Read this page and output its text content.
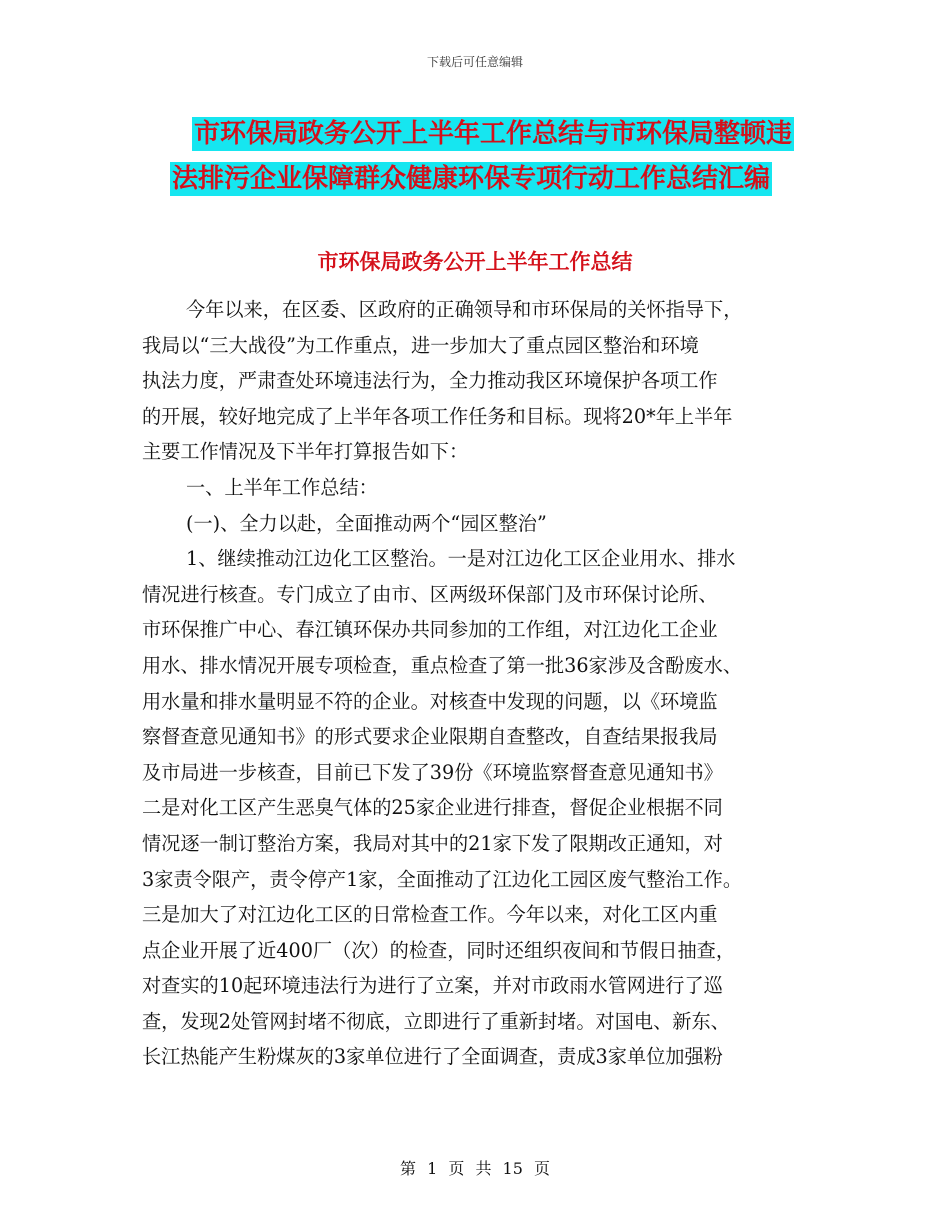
下载后可任意编辑
市环保局政务公开上半年工作总结与市环保局整顿违
法排污企业保障群众健康环保专项行动工作总结汇编
市环保局政务公开上半年工作总结
今年以来，在区委、区政府的正确领导和市环保局的关怀指导下，
我局以“三大战役”为工作重点，进一步加大了重点园区整治和环境
执法力度，严肃查处环境违法行为，全力推动我区环境保护各项工作
的开展，较好地完成了上半年各项工作任务和目标。现将20*年上半年
主要工作情况及下半年打算报告如下：
一、上半年工作总结：
(一)、全力以赴，全面推动两个“园区整治”
1、继续推动江边化工区整治。一是对江边化工区企业用水、排水
情况进行核查。专门成立了由市、区两级环保部门及市环保讨论所、
市环保推广中心、春江镇环保办共同参加的工作组，对江边化工企业
用水、排水情况开展专项检查，重点检查了第一批36家涉及含酚废水、
用水量和排水量明显不符的企业。对核查中发现的问题，以《环境监
察督查意见通知书》的形式要求企业限期自查整改，自查结果报我局
及市局进一步核查，目前已下发了39份《环境监察督查意见通知书》
二是对化工区产生恶臭气体的25家企业进行排查，督促企业根据不同
情况逐一制订整治方案，我局对其中的21家下发了限期改正通知，对
3家责令限产，责令停产1家，全面推动了江边化工园区废气整治工作。
三是加大了对江边化工区的日常检查工作。今年以来，对化工区内重
点企业开展了近400厂（次）的检查，同时还组织夜间和节假日抽查，
对查实的10起环境违法行为进行了立案，并对市政雨水管网进行了巡
查，发现2处管网封堵不彻底，立即进行了重新封堵。对国电、新东、
长江热能产生粉煤灰的3家单位进行了全面调查，责成3家单位加强粉
第 1 页 共 15 页
